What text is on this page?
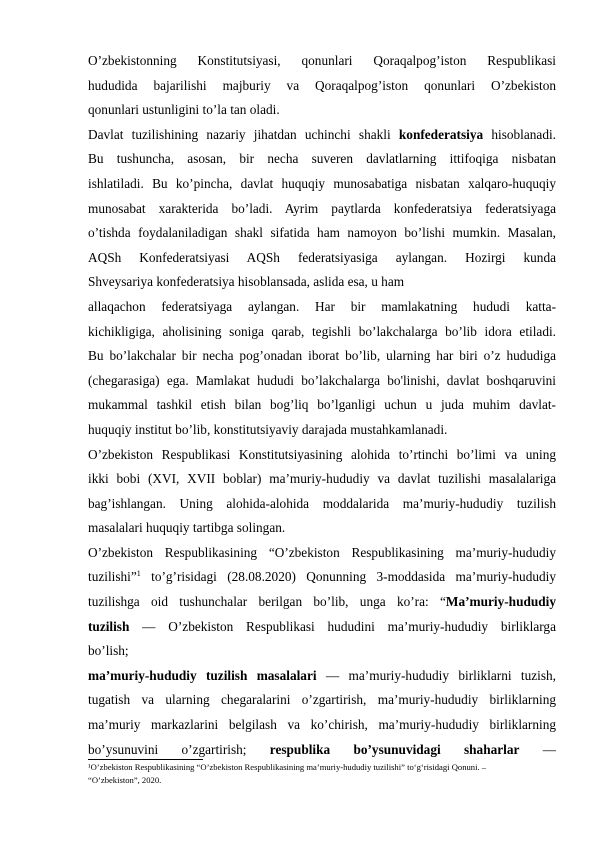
O’zbekistonning Konstitutsiyasi, qonunlari Qoraqalpog’iston Respublikasi
hududida bajarilishi majburiy va Qoraqalpog’iston qonunlari O’zbekiston
qonunlari ustunligini to’la tan oladi.
Davlat tuzilishining nazariy jihatdan uchinchi shakli konfederatsiya hisoblanadi.
Bu tushuncha, asosan, bir necha suveren davlatlarning ittifoqiga nisbatan
ishlatiladi. Bu ko’pincha, davlat huquqiy munosabatiga nisbatan xalqaro-huquqiy
munosabat xarakterida bo’ladi. Ayrim paytlarda konfederatsiya federatsiyaga
o’tishda foydalaniladigan shakl sifatida ham namoyon bo’lishi mumkin. Masalan,
AQSh Konfederatsiyasi AQSh federatsiyasiga aylangan. Hozirgi kunda
Shveysariya konfederatsiya hisoblansada, aslida esa, u ham
allaqachon federatsiyaga aylangan. Har bir mamlakatning hududi katta-
kichikligiga, aholisining soniga qarab, tegishli bo’lakchalarga bo’lib idora etiladi.
Bu bo’lakchalar bir necha pog’onadan iborat bo’lib, ularning har biri o’z hududiga
(chegarasiga) ega. Mamlakat hududi bo’lakchalarga bo'linishi, davlat boshqaruvini
mukammal tashkil etish bilan bog’liq bo’lganligi uchun u juda muhim davlat-
huquqiy institut bo’lib, konstitutsiyaviy darajada mustahkamlanadi.
O’zbekiston Respublikasi Konstitutsiyasining alohida to’rtinchi bo’limi va uning
ikki bobi (XVI, XVII boblar) ma’muriy-hududiy va davlat tuzilishi masalalariga
bag’ishlangan. Uning alohida-alohida moddalarida ma’muriy-hududiy tuzilish
masalalari huquqiy tartibga solingan.
O’zbekiston Respublikasining “O’zbekiston Respublikasining ma’muriy-hududiy
tuzilishi”$^1$ to’g’risidagi (28.08.2020) Qonunning 3-moddasida ma’muriy-hududiy
tuzilishga oid tushunchalar berilgan bo’lib, unga ko’ra: “Ma’muriy-hududiy
tuzilish — O’zbekiston Respublikasi hududini ma’muriy-hududiy birliklarga
bo’lish;
ma’muriy-hududiy tuzilish masalalari — ma’muriy-hududiy birliklarni tuzish,
tugatish va ularning chegaralarini o’zgartirish, ma’muriy-hududiy birliklarning
ma’muriy markazlarini belgilash va ko’chirish, ma’muriy-hududiy birliklarning
bo’ysunuvini o’zgartirish; respublika bo’ysunuvidagi shaharlar —
¹O’zbekiston Respublikasining “O’zbekiston Respublikasining ma’muriy-hududiy tuzilishi” to‘g‘risidagi Qonuni. –
“O’zbekiston”, 2020.
